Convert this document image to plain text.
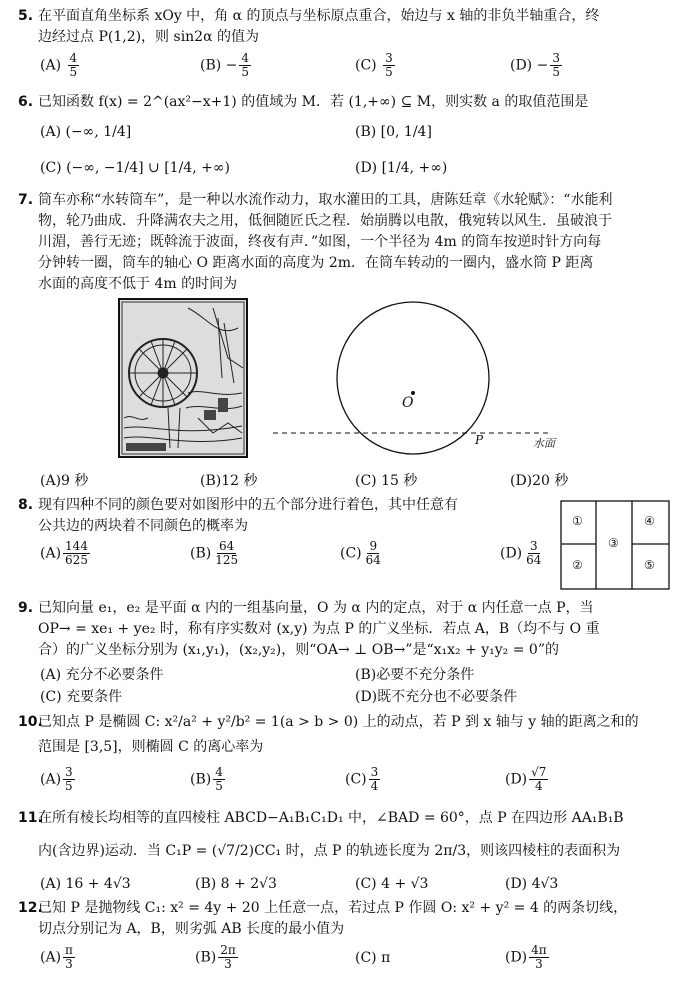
5. 在平面直角坐标系 xOy 中，角 α 的顶点与坐标原点重合，始边与 x 轴的非负半轴重合，终
边经过点 P(1,2)，则 sin2α 的值为
$(A) \frac{4}{5}$	$(B) - \frac{4}{5}$	$(C) \frac{3}{5}$	$(D) - \frac{3}{5}$
6. 已知函数 f(x) = 2^(ax²−x+1) 的值域为 M．若 (1,+∞) ⊆ M，则实数 a 的取值范围是
(A) (−∞, 1/4]	(B) [0, 1/4]
(C) (−∞, −1/4] ∪ [1/4, +∞)	(D) [1/4, +∞)
7. 筒车亦称“水转筒车”，是一种以水流作动力，取水灌田的工具，唐陈廷章《水轮赋》：“水能利
物，轮乃曲成．升降满农夫之用，低徊随匠氏之程．始崩腾以电散，俄宛转以风生．虽破浪于
川湄，善行无迹；既斡流于波面，终夜有声．”如图，一个半径为 4m 的筒车按逆时针方向每
分钟转一圈，筒车的轴心 O 距离水面的高度为 2m．在筒车转动的一圈内，盛水筒 P 距离
水面的高度不低于 4m 的时间为
O
P	水面
(A)9 秒	(B)12 秒	(C) 15 秒	(D)20 秒
8. 现有四种不同的颜色要对如图形中的五个部分进行着色，其中任意有
公共边的两块着不同颜色的概率为
$(A) \frac{144}{625}$	$(B) \frac{64}{125}$	$(C) \frac{9}{64}$	$(D) \frac{3}{64}$
①
②
③
④
⑤
9. 已知向量 e₁，e₂ 是平面 α 内的一组基向量，O 为 α 内的定点，对于 α 内任意一点 P，当
OP→ = xe₁ + ye₂ 时，称有序实数对 (x,y) 为点 P 的广义坐标．若点 A，B（均不与 O 重
合）的广义坐标分别为 (x₁,y₁)，(x₂,y₂)，则“OA→ ⊥ OB→”是“x₁x₂ + y₁y₂ = 0”的
(A) 充分不必要条件	(B)必要不充分条件
(C) 充要条件	(D)既不充分也不必要条件
10.已知点 P 是椭圆 C: x²/a² + y²/b² = 1(a > b > 0) 上的动点，若 P 到 x 轴与 y 轴的距离之和的
范围是 [3,5]，则椭圆 C 的离心率为
$(A) \frac{3}{5}$	$(B) \frac{4}{5}$	$(C) \frac{3}{4}$	$(D) \frac{√7}{4}$
11.在所有棱长均相等的直四棱柱 ABCD−A₁B₁C₁D₁ 中，∠BAD = 60°，点 P 在四边形 AA₁B₁B
内(含边界)运动．当 C₁P = (√7/2)CC₁ 时，点 P 的轨迹长度为 2π/3，则该四棱柱的表面积为
(A) 16 + 4√3	(B) 8 + 2√3	(C) 4 + √3	(D) 4√3
12.已知 P 是抛物线 C₁: x² = 4y + 20 上任意一点，若过点 P 作圆 O: x² + y² = 4 的两条切线，
切点分别记为 A，B，则劣弧 AB 长度的最小值为
$(A) \frac{\pi}{3}$	$(B) \frac{2\pi}{3}$	(C) π	$(D) \frac{4\pi}{3}$
